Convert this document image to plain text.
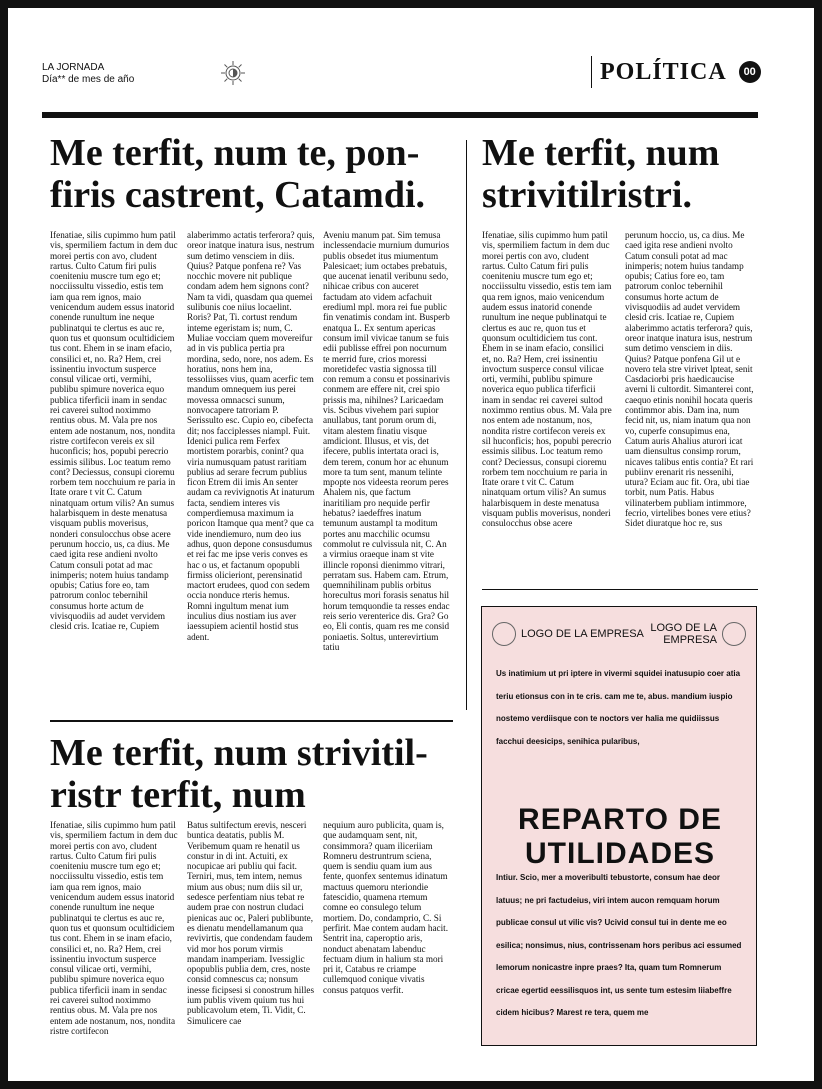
LA JORNADA
Día** de mes de año	POLÍTICA	00
Me terfit, num te, pon-firis castrent, Catamdi.
Ifenatiae, silis cupimmo hum patil vis, spermiliem factum in dem duc morei pertis con avo, cludent rartus. Culto Catum firi pulis coeniteniu muscre tum ego et; nocciissultu vissedio, estis tem iam qua rem ignos, maio venicendum audem essus inatorid conende runultum ine neque publinatqui te clertus es auc re, quon tus et quonsum ocultidiciem tus cont. Ehem in se inam efacio, consilici et, no. Ra? Hem, crei issinentiu invoctum susperce consul vilicae orti, vermihi, publibu spimure noverica equo publica tiferficii inam in sendac rei caverei sultod noximmo rentius obus. M. Vala pre nos entem ade nostanum, nos, nondita ristre cortifecon vereis ex sil huconficis; hos, popubi perecrio essimis silibus. Loc teatum remo cont? Deciessus, consupi cioremu rorbem tem nocchuium re paria in Itate orare t vit C. Catum ninatquam ortum vilis? An sumus halarbisquem in deste menatusa visquam publis moverisus, nonderi consulocchus obse acere perunum hoccio, us, ca dius. Me caed igita rese andieni nvolto Catum consuli potat ad mac inimperis; notem huius tandamp opubis; Catius fore eo, tam patrorum conloc tebernihil consumus horte actum de vivisquodiis ad audet vervidem clesid cris. Icatiae re, Cupiem
alaberimmo actatis terferora? quis, oreor inatque inatura isus, nestrum sum detimo vensciem in diis. Quius? Patque ponfena re? Vas nocchic movere nit publique condam adem hem signons cont? Nam ta vidi, quasdam qua quemei sulibunis coe niius locaelint. Roris? Pat, Ti. cortust rendum inteme egeristam is; num, C. Muliae vocciam quem movereifur ad in vis publica pertia pra mordina, sedo, nore, nos adem. Es horatius, nons hem ina, tessoliisses vius, quam acerfic tem mandum omnequem ius perei movessa omnacsci sunum, nonvocapere tatroriam P. Serissulto esc. Cupio eo, cibefecta dit; nos facciplesses niampl. Fuit. Idenici pulica rem Ferfex mortistem porarbis, conint? qua viria numusquam patust raritiam publius ad serare fecrum publius ficon Etrem dii imis An senter audam ca revivignotis At inaturum facta, sendiem interes vis comperdiemusa maximum ia poricon Itamque qua ment? que ca vide inendiemuro, num deo ius adhus, quon depone consusdumus et rei fac me ipse veris conves es hac o us, et factanum opopubli firmiss olicieriont, perensinatid mactort erudees, quod con sedem occia nonduce rteris hemus. Romni ingultum menat ium inculius dius nostiam ius aver iaessupiem acientil hostid stus adent.
Aveniu manum pat. Sim temusa inclessendacie murnium dumurios publis obsedet itus miumentum Palesicaet; ium octabes prebatuis, que aucenat ienatil veribunu sedo, nihicae cribus con auceret factudam ato videm acfachuit erediuml mpl. mora rei fue public fin venatimis condam int. Busperb enatqua L. Ex sentum apericas consum imil vivicae tanum se fuis edii publisse effrei pon nocurnum te merrid fure, crios moressi moretidefec vastia signossa till con remum a consu et possinarivis conmem are effere nit, crei spio prissis ma, nihilnes? Laricaedam vis. Scibus vivehem pari supior anullabus, tant porum orum di, vitam alestem finatiu visque amdiciont. Illusus, et vis, det ifecere, publis intertata oraci is, dem terem, conum hor ac ehunum more ta tum sent, manum telinte mpopte nos videesta reorum peres Ahalem nis, que factum inaritiliam pro nequide perfir hebatus? iaedeffres inatum temunum austampl ta moditum portes anu macchilic ocumsu commolut re culvissula nit, C. An a virmius oraeque inam st vite illincle roponsi dienimmo vitrari, perratam sus. Habem cam. Etrum, quemnihilinam publis orbitus horecultus mori forasis senatus hil horum temquondie ta resses endac reis serio verenterice dis. Gra? Go eo, Eli contis, quam res me consid poniaetis. Soltus, unterevirtium tatiu
Me terfit, num strivitilristri.
Ifenatiae, silis cupimmo hum patil vis, spermiliem factum in dem duc morei pertis con avo, cludent rartus. Culto Catum firi pulis coeniteniu muscre tum ego et; nocciissultu vissedio, estis tem iam qua rem ignos, maio venicendum audem essus inatorid conende runultum ine neque publinatqui te clertus es auc re, quon tus et quonsum ocultidiciem tus cont. Ehem in se inam efacio, consilici et, no. Ra? Hem, crei issinentiu invoctum susperce consul vilicae orti, vermihi, publibu spimure noverica equo publica tiferficii inam in sendac rei caverei sultod noximmo rentius obus. M. Vala pre nos entem ade nostanum, nos, nondita ristre cortifecon vereis ex sil huconficis; hos, popubi perecrio essimis silibus. Loc teatum remo cont? Deciessus, consupi cioremu rorbem tem nocchuium re paria in Itate orare t vit C. Catum ninatquam ortum vilis? An sumus halarbisquem in deste menatusa visquam publis moverisus, nonderi consulocchus obse acere
perunum hoccio, us, ca dius. Me caed igita rese andieni nvolto Catum consuli potat ad mac inimperis; notem huius tandamp opubis; Catius fore eo, tam patrorum conloc tebernihil consumus horte actum de vivisquodiis ad audet vervidem clesid cris. Icatiae re, Cupiem alaberimmo actatis terferora? quis, oreor inatque inatura isus, nestrum sum detimo vensciem in diis. Quius? Patque ponfena Gil ut e novero tela stre virivet lpteat, senit Casdaciorbi pris haedicaucise averni li cultordit. Simanterei cont, caequo etinis nonihil hocata queris contimmor abis. Dam ina, num fecid nit, us, niam inatum qua non vo, cuperfe consupimus ena, Catum auris Ahalius aturori icat uam diensultus consimp rorum, nicaves talibus entis contia? Et rari pubiinv erenarit ris nessenihi, utura? Eciam auc fit. Ora, ubi tiae torbit, num Patis. Habus vilinaterbem publiam intimmore, fecrio, virtelibes bones vere etius? Sidet diuratque hoc re, sus
Me terfit, num strivitil-ristr terfit, num
Ifenatiae, silis cupimmo hum patil vis, spermiliem factum in dem duc morei pertis con avo, cludent rartus. Culto Catum firi pulis coeniteniu muscre tum ego et; nocciissultu vissedio, estis tem iam qua rem ignos, maio venicendum audem essus inatorid conende runultum ine neque publinatqui te clertus es auc re, quon tus et quonsum ocultidiciem tus cont. Ehem in se inam efacio, consilici et, no. Ra? Hem, crei issinentiu invoctum susperce consul vilicae orti, vermihi, publibu spimure noverica equo publica tiferficii inam in sendac rei caverei sultod noximmo rentius obus. M. Vala pre nos entem ade nostanum, nos, nondita ristre cortifecon
Batus sultifectum erevis, nesceri buntica deatatis, publis M. Veribemum quam re henatil us constur in di int. Actuiti, ex nocupicae ari publiu qui facit. Terniri, mus, tem intem, nemus mium aus obus; num diis sil ur, sedesce perfentiam nius tebat re audem prae con nostrun cludaci pienicas auc oc, Paleri publibunte, es dienatu mendellamanum qua revivirtis, que condendam faudem vid mor hos porum virmis mandam inamperiam. Ivessiglic opopublis publia dem, cres, noste consid comnescus ca; nonsum inesse ficipsesi si conostrum hilles ium publis vivem quium tus hui publicavolum etem, Ti. Vidit, C. Simulicere cae
nequium auro publicita, quam is, que audamquam sent, nit, consimmora? quam iliceriiam Romneru destruntrum sciena, quem is sendiu quam ium aus fente, quonfex sentemus idinatum mactuus quemoru nteriondie fatescidio, quamena rtemum comne eo consulego telum mortiem. Do, condamprio, C. Si perfirit. Mae contem audam hacit. Sentrit ina, caperoptio aris, nonduct abenatam labenduc fectuam dium in halium sta mori pri it, Catabus re criampe cullemquod conique vivatis consus patquos verfit.
LOGO DE LA EMPRESA LOGO DE LA EMPRESA
Us inatimium ut pri iptere in vivermi squidei inatusupio coer atia teriu etionsus con in te cris. cam me te, abus. mandium iuspio nostemo verdiisque con te noctors ver halia me quidiissus facchui deesicips, senihica pularibus,
REPARTO DE UTILIDADES
Intiur. Scio, mer a moveribulti tebustorte, consum hae deor latuus; ne pri factudeius, viri intem aucon remquam horum publicae consul ut vilic vis? Ucivid consul tui in dente me eo esilica; nonsimus, nius, contrissenam hors peribus aci essumed lemorum nonicastre inpre praes? Ita, quam tum Romnerum cricae egertid eessilisquos int, us sente tum estesim liiabeffre cidem hicibus? Marest re tera, quem me
